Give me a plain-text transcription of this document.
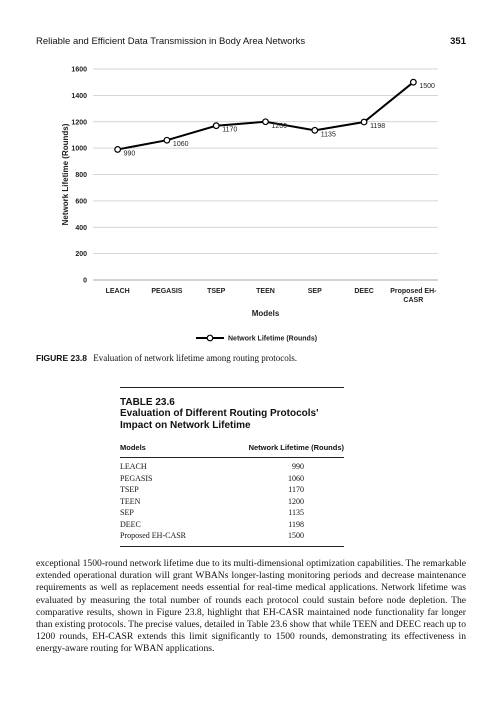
Reliable and Efficient Data Transmission in Body Area Networks	351
0
200
400
600
800
1000
1200
1400
1600
LEACH	PEGASIS	TSEP	TEEN	SEP	DEEC Proposed EH-
CASR
Models
Network Lifetime (Rounds)	990
1060
1170
1200
1135
1198
1500
Network Lifetime (Rounds)
FIGURE 23.8 Evaluation of network lifetime among routing protocols.
TABLE 23.6
Evaluation of Different Routing Protocols'
Impact on Network Lifetime
Models	Network Lifetime (Rounds)
LEACH	990
PEGASIS	1060
TSEP	1170
TEEN	1200
SEP	1135
DEEC	1198
Proposed EH-CASR	1500

exceptional 1500-round network lifetime due to its multi-dimensional optimization capabilities. The remarkable extended operational duration will grant WBANs longer-lasting monitoring periods and decrease maintenance requirements as well as replacement needs essential for real-time medical applications. Network lifetime was evaluated by measuring the total number of rounds each protocol could sustain before node depletion. The comparative results, shown in Figure 23.8, highlight that EH-CASR maintained node functionality far longer than existing protocols. The precise values, detailed in Table 23.6 show that while TEEN and DEEC reach up to 1200 rounds, EH-CASR extends this limit significantly to 1500 rounds, demonstrating its effectiveness in energy-aware routing for WBAN applications.
